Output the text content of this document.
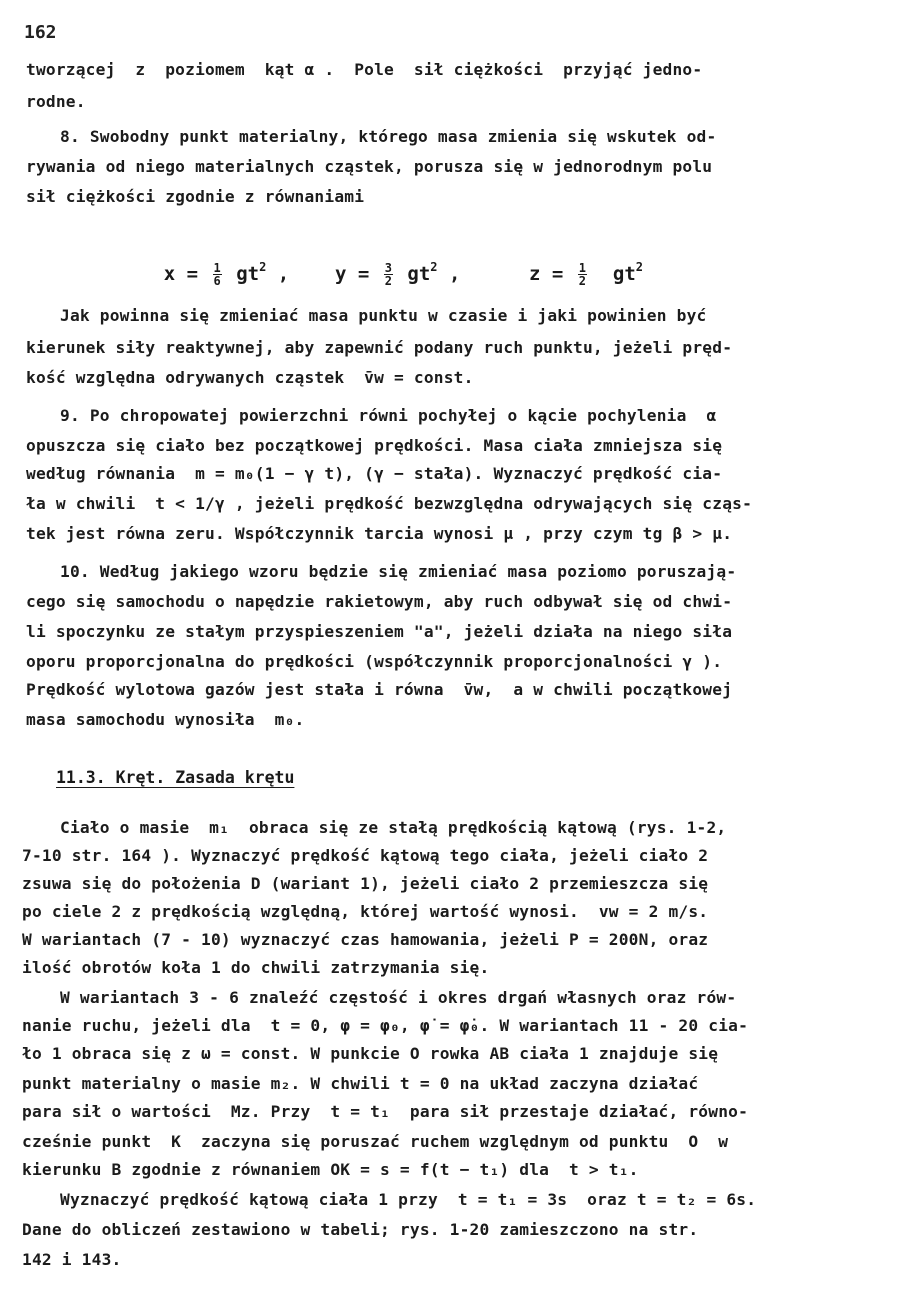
162
tworzącej  z  poziomem  kąt α .  Pole  sił ciężkości  przyjąć jedno-
rodne.
8. Swobodny punkt materialny, którego masa zmienia się wskutek od-
rywania od niego materialnych cząstek, porusza się w jednorodnym polu
sił ciężkości zgodnie z równaniami

$x = \frac{1}{6} gt^2$ ,    $y = \frac{3}{2} gt^2$ ,      $z = \frac{1}{2} gt^2$

Jak powinna się zmieniać masa punktu w czasie i jaki powinien być
kierunek siły reaktywnej, aby zapewnić podany ruch punktu, jeżeli pręd-
kość względna odrywanych cząstek  v̄w = const.
9. Po chropowatej powierzchni równi pochyłej o kącie pochylenia  α
opuszcza się ciało bez początkowej prędkości. Masa ciała zmniejsza się
według równania  m = m₀(1 − γ t), (γ − stała). Wyznaczyć prędkość cia-
ła w chwili  t < 1/γ , jeżeli prędkość bezwzględna odrywających się cząs-
tek jest równa zeru. Współczynnik tarcia wynosi μ , przy czym tg β > μ.
10. Według jakiego wzoru będzie się zmieniać masa poziomo poruszają-
cego się samochodu o napędzie rakietowym, aby ruch odbywał się od chwi-
li spoczynku ze stałym przyspieszeniem "a", jeżeli działa na niego siła
oporu proporcjonalna do prędkości (współczynnik proporcjonalności γ ).
Prędkość wylotowa gazów jest stała i równa  v̄w,  a w chwili początkowej
masa samochodu wynosiła  m₀.
11.3. Kręt. Zasada krętu
Ciało o masie  m₁  obraca się ze stałą prędkością kątową (rys. 1-2,
7-10 str. 164 ). Wyznaczyć prędkość kątową tego ciała, jeżeli ciało 2
zsuwa się do położenia D (wariant 1), jeżeli ciało 2 przemieszcza się
po ciele 2 z prędkością względną, której wartość wynosi.  vw = 2 m/s.
W wariantach (7 - 10) wyznaczyć czas hamowania, jeżeli P = 200N, oraz
ilość obrotów koła 1 do chwili zatrzymania się.
W wariantach 3 - 6 znaleźć częstość i okres drgań własnych oraz rów-
nanie ruchu, jeżeli dla  t = 0, φ = φ₀, φ̇ = φ̇₀. W wariantach 11 - 20 cia-
ło 1 obraca się z ω = const. W punkcie O rowka AB ciała 1 znajduje się
punkt materialny o masie m₂. W chwili t = 0 na układ zaczyna działać
para sił o wartości  Mz. Przy  t = t₁  para sił przestaje działać, równo-
cześnie punkt  K  zaczyna się poruszać ruchem względnym od punktu  O  w
kierunku B zgodnie z równaniem OK = s = f(t − t₁) dla  t > t₁.
Wyznaczyć prędkość kątową ciała 1 przy  t = t₁ = 3s  oraz t = t₂ = 6s.
Dane do obliczeń zestawiono w tabeli; rys. 1-20 zamieszczono na str.
142 i 143.
